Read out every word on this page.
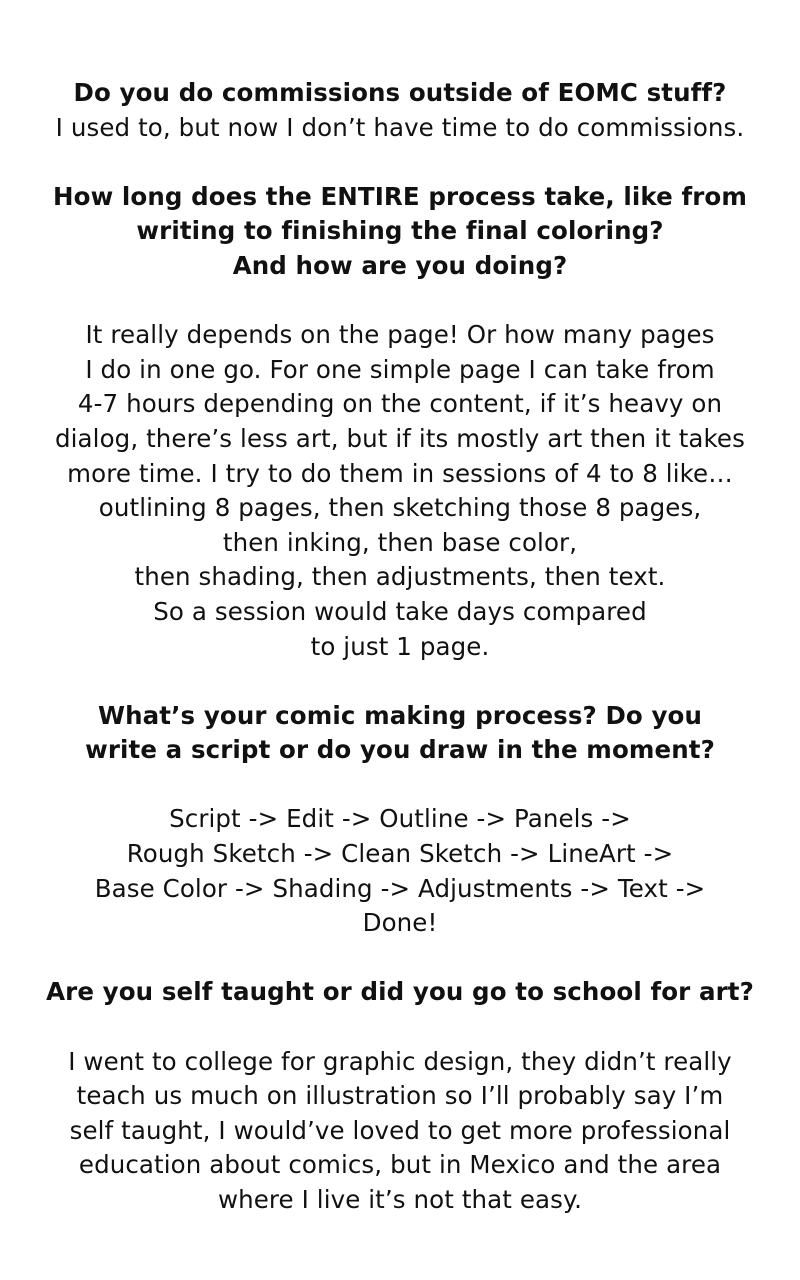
Do you do commissions outside of EOMC stuff?
I used to, but now I don’t have time to do commissions.
How long does the ENTIRE process take, like from
writing to finishing the final coloring?
And how are you doing?
It really depends on the page! Or how many pages
I do in one go. For one simple page I can take from
4-7 hours depending on the content, if it’s heavy on
dialog, there’s less art, but if its mostly art then it takes
more time. I try to do them in sessions of 4 to 8 like…
outlining 8 pages, then sketching those 8 pages,
then inking, then base color,
then shading, then adjustments, then text.
So a session would take days compared
to just 1 page.
What’s your comic making process? Do you
write a script or do you draw in the moment?
Script -> Edit -> Outline -> Panels ->
Rough Sketch -> Clean Sketch -> LineArt ->
Base Color -> Shading -> Adjustments -> Text ->
Done!
Are you self taught or did you go to school for art?
I went to college for graphic design, they didn’t really
teach us much on illustration so I’ll probably say I’m
self taught, I would’ve loved to get more professional
education about comics, but in Mexico and the area
where I live it’s not that easy.
